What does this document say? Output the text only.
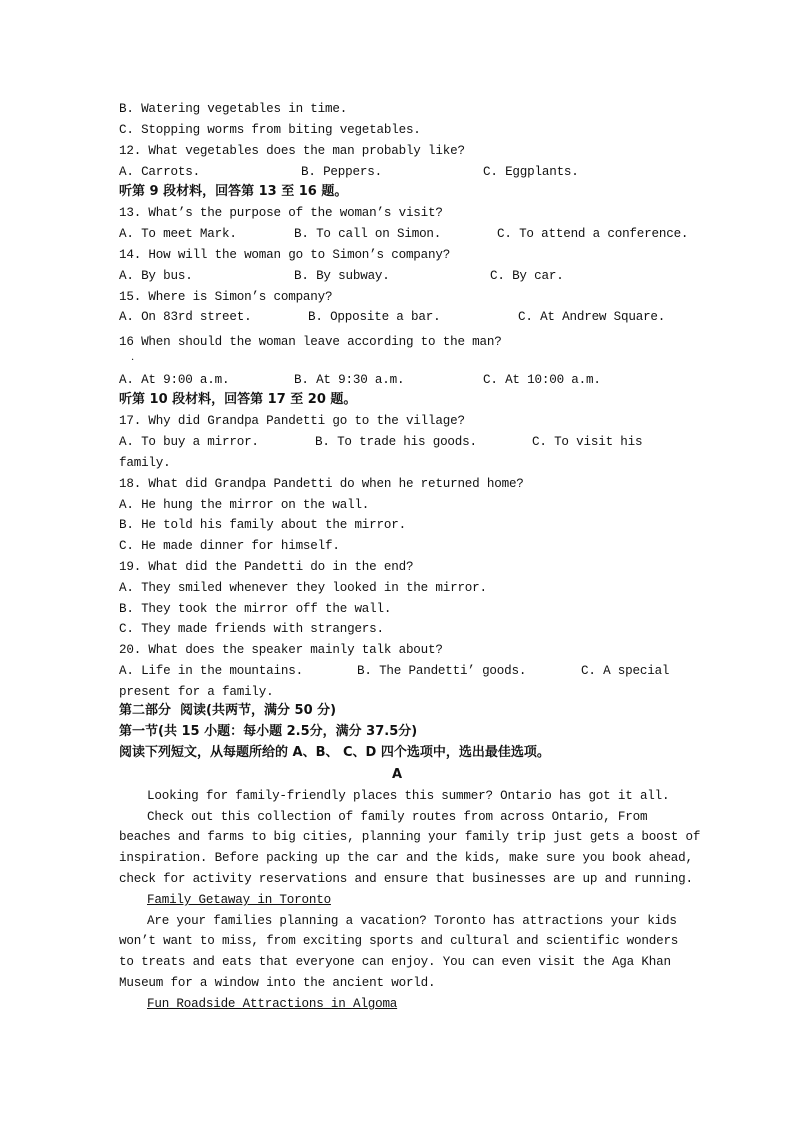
B. Watering vegetables in time.
C. Stopping worms from biting vegetables.
12. What vegetables does the man probably like?
A. Carrots.	B. Peppers.	C. Eggplants.
听第 9 段材料，回答第 13 至 16 题。
13. What’s the purpose of the woman’s visit?
A. To meet Mark.	B. To call on Simon.	C. To attend a conference.
14. How will the woman go to Simon’s company?
A. By bus.	B. By subway.	C. By car.
15. Where is Simon’s company?
A. On 83rd street.	B. Opposite a bar.	C. At Andrew Square.
16 When should the woman leave according to the man?
·
A. At 9:00 a.m.	B. At 9:30 a.m.	C. At 10:00 a.m.
听第 10 段材料，回答第 17 至 20 题。
17. Why did Grandpa Pandetti go to the village?
A. To buy a mirror.	B. To trade his goods.	C. To visit his
family.
18. What did Grandpa Pandetti do when he returned home?
A. He hung the mirror on the wall.
B. He told his family about the mirror.
C. He made dinner for himself.
19. What did the Pandetti do in the end?
A. They smiled whenever they looked in the mirror.
B. They took the mirror off the wall.
C. They made friends with strangers.
20. What does the speaker mainly talk about?
A. Life in the mountains.	B. The Pandetti’ goods.	C. A special
present for a family.
第二部分  阅读(共两节，满分 50 分)
第一节(共 15 小题：每小题 2.5分，满分 37.5分)
阅读下列短文，从每题所给的 A、B、 C、D 四个选项中，选出最佳选项。
A
Looking for family-friendly places this summer? Ontario has got it all.
Check out this collection of family routes from across Ontario, From
beaches and farms to big cities, planning your family trip just gets a boost of
inspiration. Before packing up the car and the kids, make sure you book ahead,
check for activity reservations and ensure that businesses are up and running.
Family Getaway in Toronto
Are your families planning a vacation? Toronto has attractions your kids
won’t want to miss, from exciting sports and cultural and scientific wonders
to treats and eats that everyone can enjoy. You can even visit the Aga Khan
Museum for a window into the ancient world.
Fun Roadside Attractions in Algoma
